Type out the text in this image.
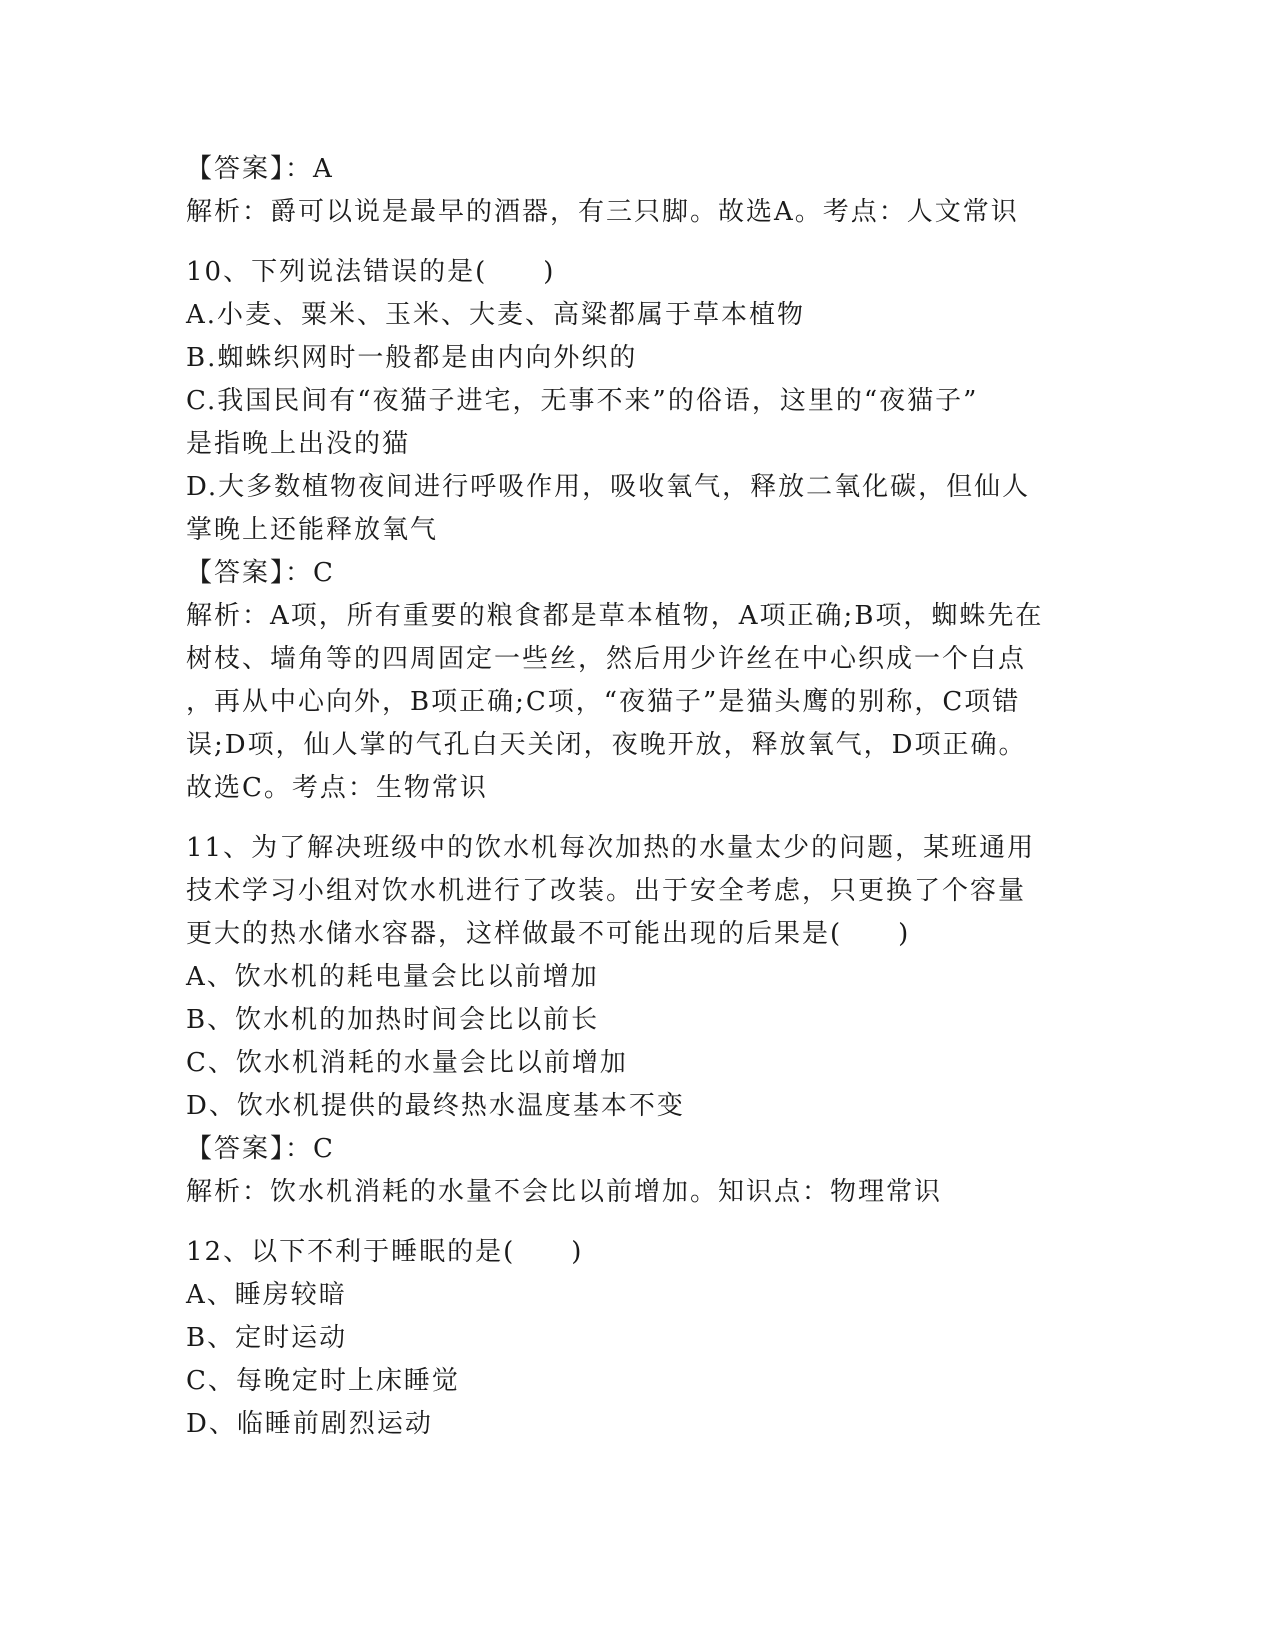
【答案】：A

解析：爵可以说是最早的酒器，有三只脚。故选A。考点：人文常识

10、下列说法错误的是(　　)

A.小麦、粟米、玉米、大麦、高粱都属于草本植物

B.蜘蛛织网时一般都是由内向外织的

C.我国民间有“夜猫子进宅，无事不来”的俗语，这里的“夜猫子”

是指晚上出没的猫

D.大多数植物夜间进行呼吸作用，吸收氧气，释放二氧化碳，但仙人

掌晚上还能释放氧气

【答案】：C

解析：A项，所有重要的粮食都是草本植物，A项正确;B项，蜘蛛先在

树枝、墙角等的四周固定一些丝，然后用少许丝在中心织成一个白点

，再从中心向外，B项正确;C项，“夜猫子”是猫头鹰的别称，C项错

误;D项，仙人掌的气孔白天关闭，夜晚开放，释放氧气，D项正确。

故选C。考点：生物常识

11、为了解决班级中的饮水机每次加热的水量太少的问题，某班通用

技术学习小组对饮水机进行了改装。出于安全考虑，只更换了个容量

更大的热水储水容器，这样做最不可能出现的后果是(　　)

A、饮水机的耗电量会比以前增加

B、饮水机的加热时间会比以前长

C、饮水机消耗的水量会比以前增加

D、饮水机提供的最终热水温度基本不变

【答案】：C

解析：饮水机消耗的水量不会比以前增加。知识点：物理常识

12、以下不利于睡眠的是(　　)

A、睡房较暗

B、定时运动

C、每晚定时上床睡觉

D、临睡前剧烈运动
